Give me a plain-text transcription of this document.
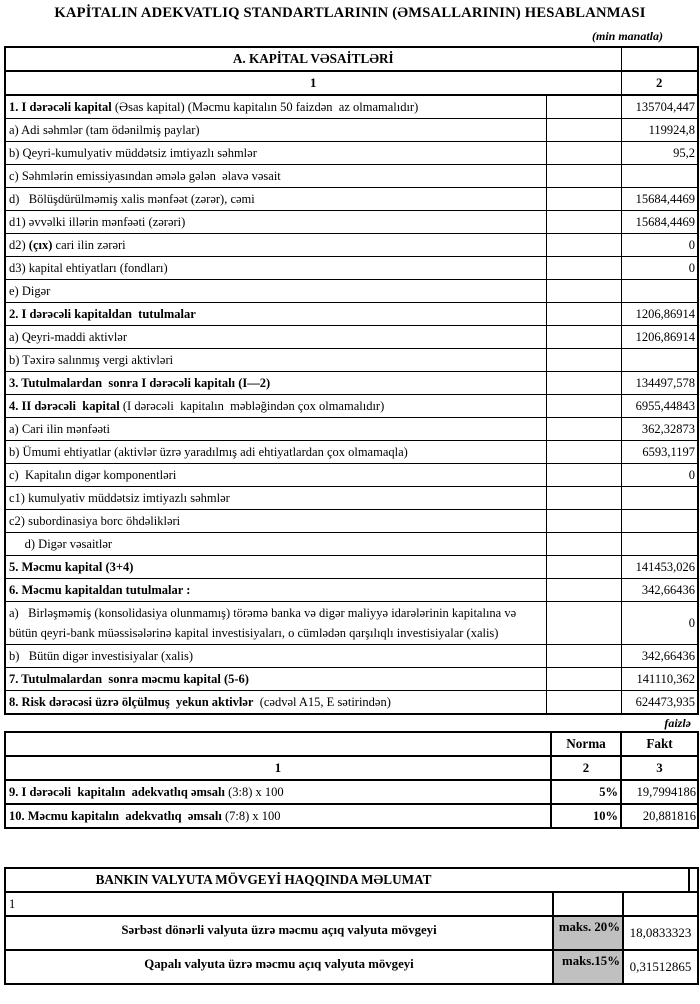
KAPİTALIN ADEKVATLIQ STANDARTLARININ (ƏMSALLARININ) HESABLANMASI
(min manatla)
A. KAPİTAL VƏSAİTLƏRİ		
1		2
1. I dərəcəli kapital (Əsas kapital) (Məcmu kapitalın 50 faizdən  az olmamalıdır)		135704,447
a) Adi səhmlər (tam ödənilmiş paylar)		119924,8
b) Qeyri-kumulyativ müddətsiz imtiyazlı səhmlər		95,2
c) Səhmlərin emissiyasından əmələ gələn  əlavə vəsait		
d)   Bölüşdürülməmiş xalis mənfəət (zərər), cəmi		15684,4469
d1) əvvəlki illərin mənfəəti (zərəri)		15684,4469
d2) (çıx) cari ilin zərəri		0
d3) kapital ehtiyatları (fondları)		0
e) Digər		
2. I dərəcəli kapitaldan  tutulmalar		1206,86914
a) Qeyri-maddi aktivlər		1206,86914
b) Təxirə salınmış vergi aktivləri		
3. Tutulmalardan  sonra I dərəcəli kapitalı (I—2)		134497,578
4. II dərəcəli  kapital (I dərəcəli  kapitalın  məbləğindən çox olmamalıdır)		6955,44843
a) Cari ilin mənfəəti		362,32873
b) Ümumi ehtiyatlar (aktivlər üzrə yaradılmış adi ehtiyatlardan çox olmamaqla)		6593,1197
c)  Kapitalın digər komponentləri		0
c1) kumulyativ müddətsiz imtiyazlı səhmlər		
c2) subordinasiya borc öhdəlikləri		
d) Digər vəsaitlər		
5. Məcmu kapital (3+4)		141453,026
6. Məcmu kapitaldan tutulmalar :		342,66436
a)   Birləşməmiş (konsolidasiya olunmamış) törəmə banka və digər maliyyə idarələrinin kapitalına və bütün qeyri-bank müəssisələrinə kapital investisiyaları, o cümlədən qarşılıqlı investisiyalar (xalis)		0
b)   Bütün digər investisiyalar (xalis)		342,66436
7. Tutulmalardan  sonra məcmu kapital (5-6)		141110,362
8. Risk dərəcəsi üzrə ölçülmuş  yekun aktivlər  (cədvəl A15, E sətirindən)		624473,935
faizlə
	Norma	Fakt
1	2	3
9. I dərəcəli  kapitalın  adekvatlıq əmsalı (3:8) x 100	5%	19,7994186
10. Məcmu kapitalın  adekvatlıq  əmsalı (7:8) x 100	10%	20,881816
BANKIN VALYUTA MÖVGEYİ HAQQINDA MƏLUMAT			
1			
Sərbəst dönərli valyuta üzrə məcmu açıq valyuta mövgeyi	maks. 20%	18,0833323	
Qapalı valyuta üzrə məcmu açıq valyuta mövgeyi	maks.15%	0,31512865	
